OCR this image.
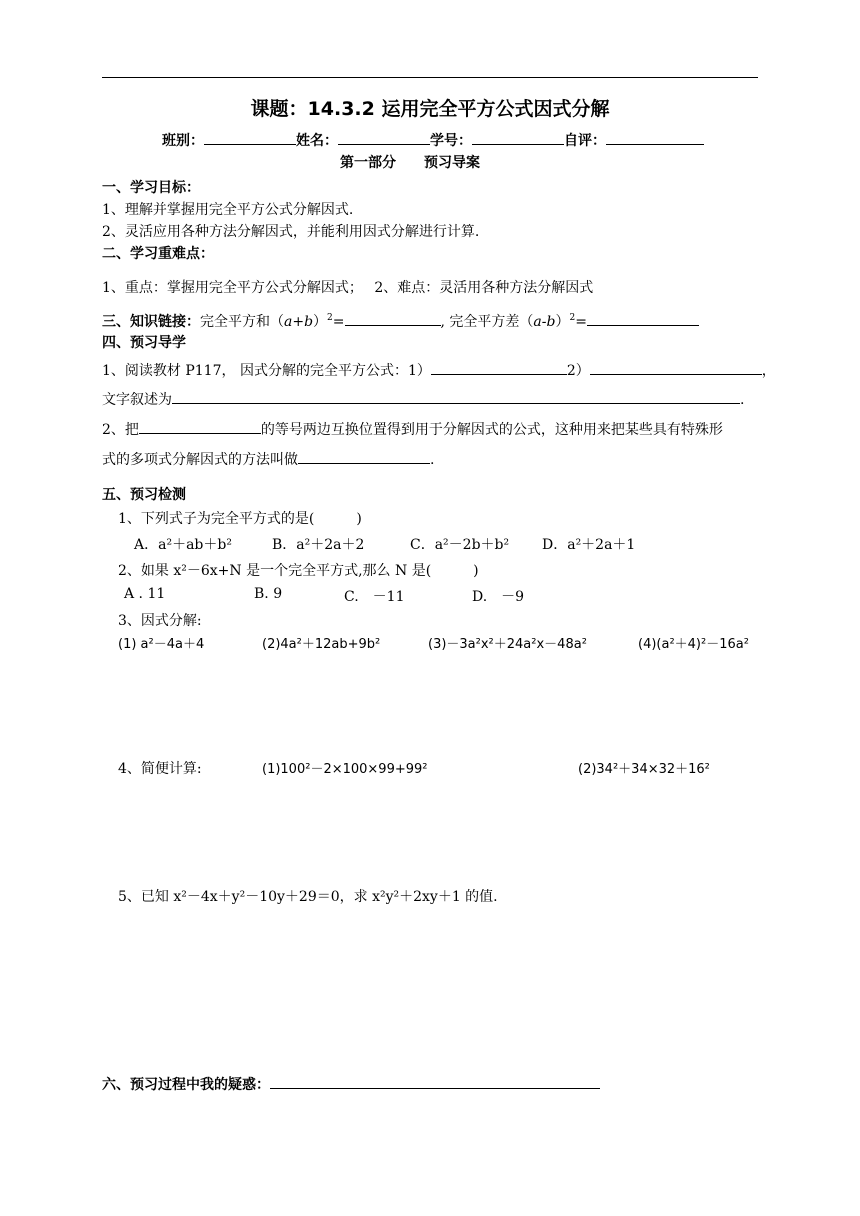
课题：14.3.2 运用完全平方公式因式分解
班别：	姓名：	学号：	自评：
第一部分　　预习导案
一、学习目标：
1、理解并掌握用完全平方公式分解因式.
2、灵活应用各种方法分解因式，并能利用因式分解进行计算.
二、学习重难点：
1、重点：掌握用完全平方公式分解因式；　 2、难点：灵活用各种方法分解因式
三、知识链接：完全平方和$(a+b)^2=$	, 完全平方差$(a-b)^2=$
四、预习导学
1、阅读教材 P117， 因式分解的完全平方公式：1）	2）	，
文字叙述为	.
2、把	的等号两边互换位置得到用于分解因式的公式，这种用来把某些具有特殊形
式的多项式分解因式的方法叫做	.
五、预习检测
1、下列式子为完全平方式的是(　　　)
A．a²＋ab＋b²	B．a²＋2a＋2	C．a²－2b＋b² D．a²＋2a＋1
2、如果 x²－6x+N 是一个完全平方式,那么 N 是(　　　)
A . 11	B. 9	C.　－11	D.　－9
3、因式分解:
(1) a²－4a＋4	(2)4a²＋12ab+9b²	(3)－3a²x²＋24a²x－48a²	(4)(a²＋4)²－16a²
4、简便计算:	(1)100²－2×100×99+99²	(2)34²＋34×32＋16²
5、已知 x²－4x＋y²－10y＋29＝0，求 x²y²＋2xy＋1 的值.
六、预习过程中我的疑惑：
